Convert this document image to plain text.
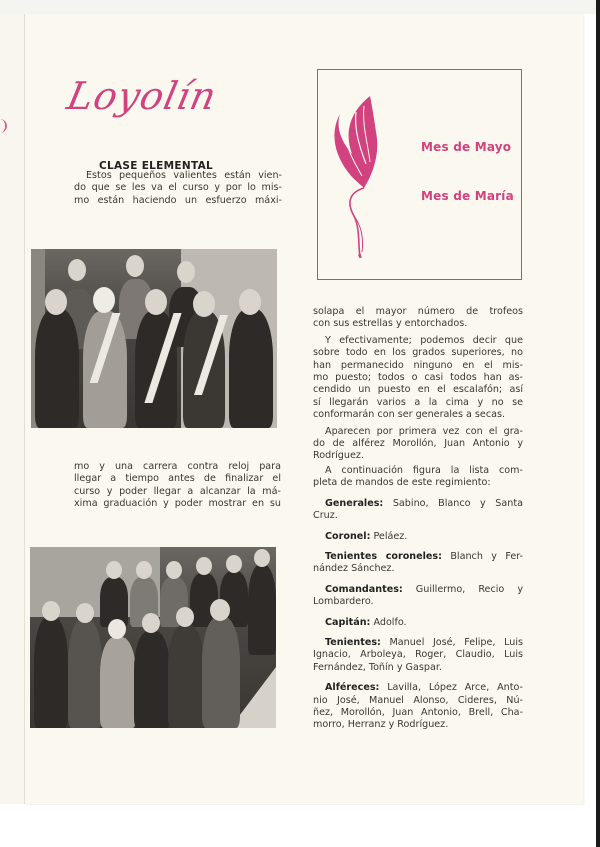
Loyolín
CLASE ELEMENTAL
Estos pequeños valientes están vien-
do que se les va el curso y por lo mis-
mo están haciendo un esfuerzo máxi-
mo y una carrera contra reloj para
llegar a tiempo antes de finalizar el
curso y poder llegar a alcanzar la má-
xima graduación y poder mostrar en su
Mes de Mayo
Mes de María
solapa el mayor número de trofeos
con sus estrellas y entorchados.
Y efectivamente; podemos decir que
sobre todo en los grados superiores, no
han permanecido ninguno en el mis-
mo puesto; todos o casi todos han as-
cendido un puesto en el escalafón; así
sí llegarán varios a la cima y no se
conformarán con ser generales a secas.
Aparecen por primera vez con el gra-
do de alférez Morollón, Juan Antonio y
Rodríguez.
A continuación figura la lista com-
pleta de mandos de este regimiento:
Generales: Sabino, Blanco y Santa
Cruz.
Coronel: Peláez.
Tenientes coroneles: Blanch y Fer-
nández Sánchez.
Comandantes: Guillermo, Recio y
Lombardero.
Capitán: Adolfo.
Tenientes: Manuel José, Felipe, Luis
Ignacio, Arboleya, Roger, Claudio, Luis
Fernández, Toñín y Gaspar.
Alféreces: Lavilla, López Arce, Anto-
nio José, Manuel Alonso, Cideres, Nú-
ñez, Morollón, Juan Antonio, Brell, Cha-
morro, Herranz y Rodríguez.
